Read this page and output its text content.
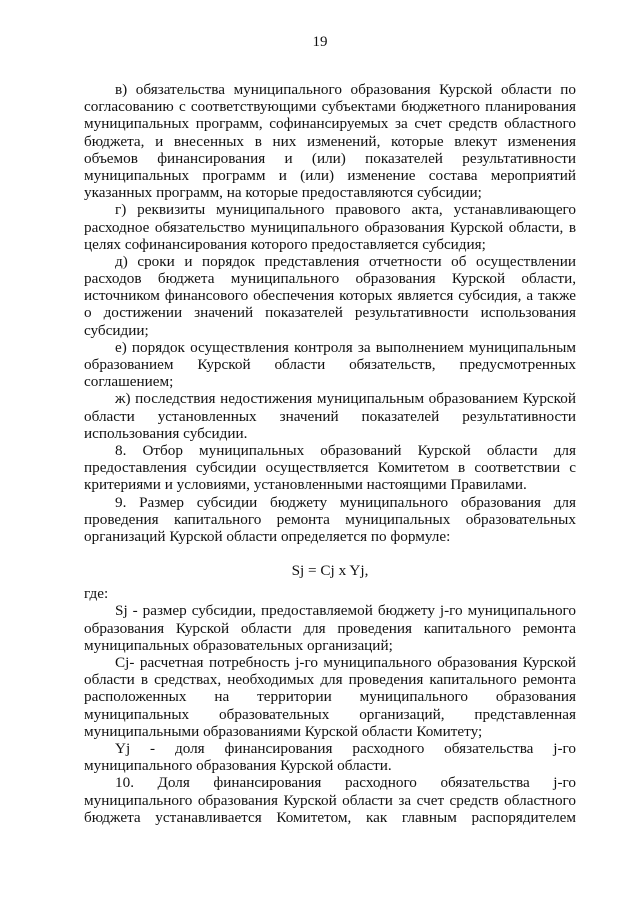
19
в) обязательства муниципального образования Курской области по
согласованию с соответствующими субъектами бюджетного планирования
муниципальных программ, софинансируемых за счет средств областного
бюджета, и внесенных в них изменений, которые влекут изменения
объемов финансирования и (или) показателей результативности
муниципальных программ и (или) изменение состава мероприятий
указанных программ, на которые предоставляются субсидии;
г) реквизиты муниципального правового акта, устанавливающего
расходное обязательство муниципального образования Курской области, в
целях софинансирования которого предоставляется субсидия;
д) сроки и порядок представления отчетности об осуществлении
расходов бюджета муниципального образования Курской области,
источником финансового обеспечения которых является субсидия, а также
о достижении значений показателей результативности использования
субсидии;
е) порядок осуществления контроля за выполнением муниципальным
образованием Курской области обязательств, предусмотренных
соглашением;
ж) последствия недостижения муниципальным образованием Курской
области установленных значений показателей результативности
использования субсидии.
8. Отбор муниципальных образований Курской области для
предоставления субсидии осуществляется Комитетом в соответствии с
критериями и условиями, установленными настоящими Правилами.
9. Размер субсидии бюджету муниципального образования для
проведения капитального ремонта муниципальных образовательных
организаций Курской области определяется по формуле:
Sj = Cj x Yj,
где:
Sj - размер субсидии, предоставляемой бюджету j-го муниципального
образования Курской области для проведения капитального ремонта
муниципальных образовательных организаций;
Cj- расчетная потребность j-го муниципального образования Курской
области в средствах, необходимых для проведения капитального ремонта
расположенных на территории муниципального образования
муниципальных образовательных организаций, представленная
муниципальными образованиями Курской области Комитету;
Yj - доля финансирования расходного обязательства j-го
муниципального образования Курской области.
10. Доля финансирования расходного обязательства j-го
муниципального образования Курской области за счет средств областного
бюджета устанавливается Комитетом, как главным распорядителем
